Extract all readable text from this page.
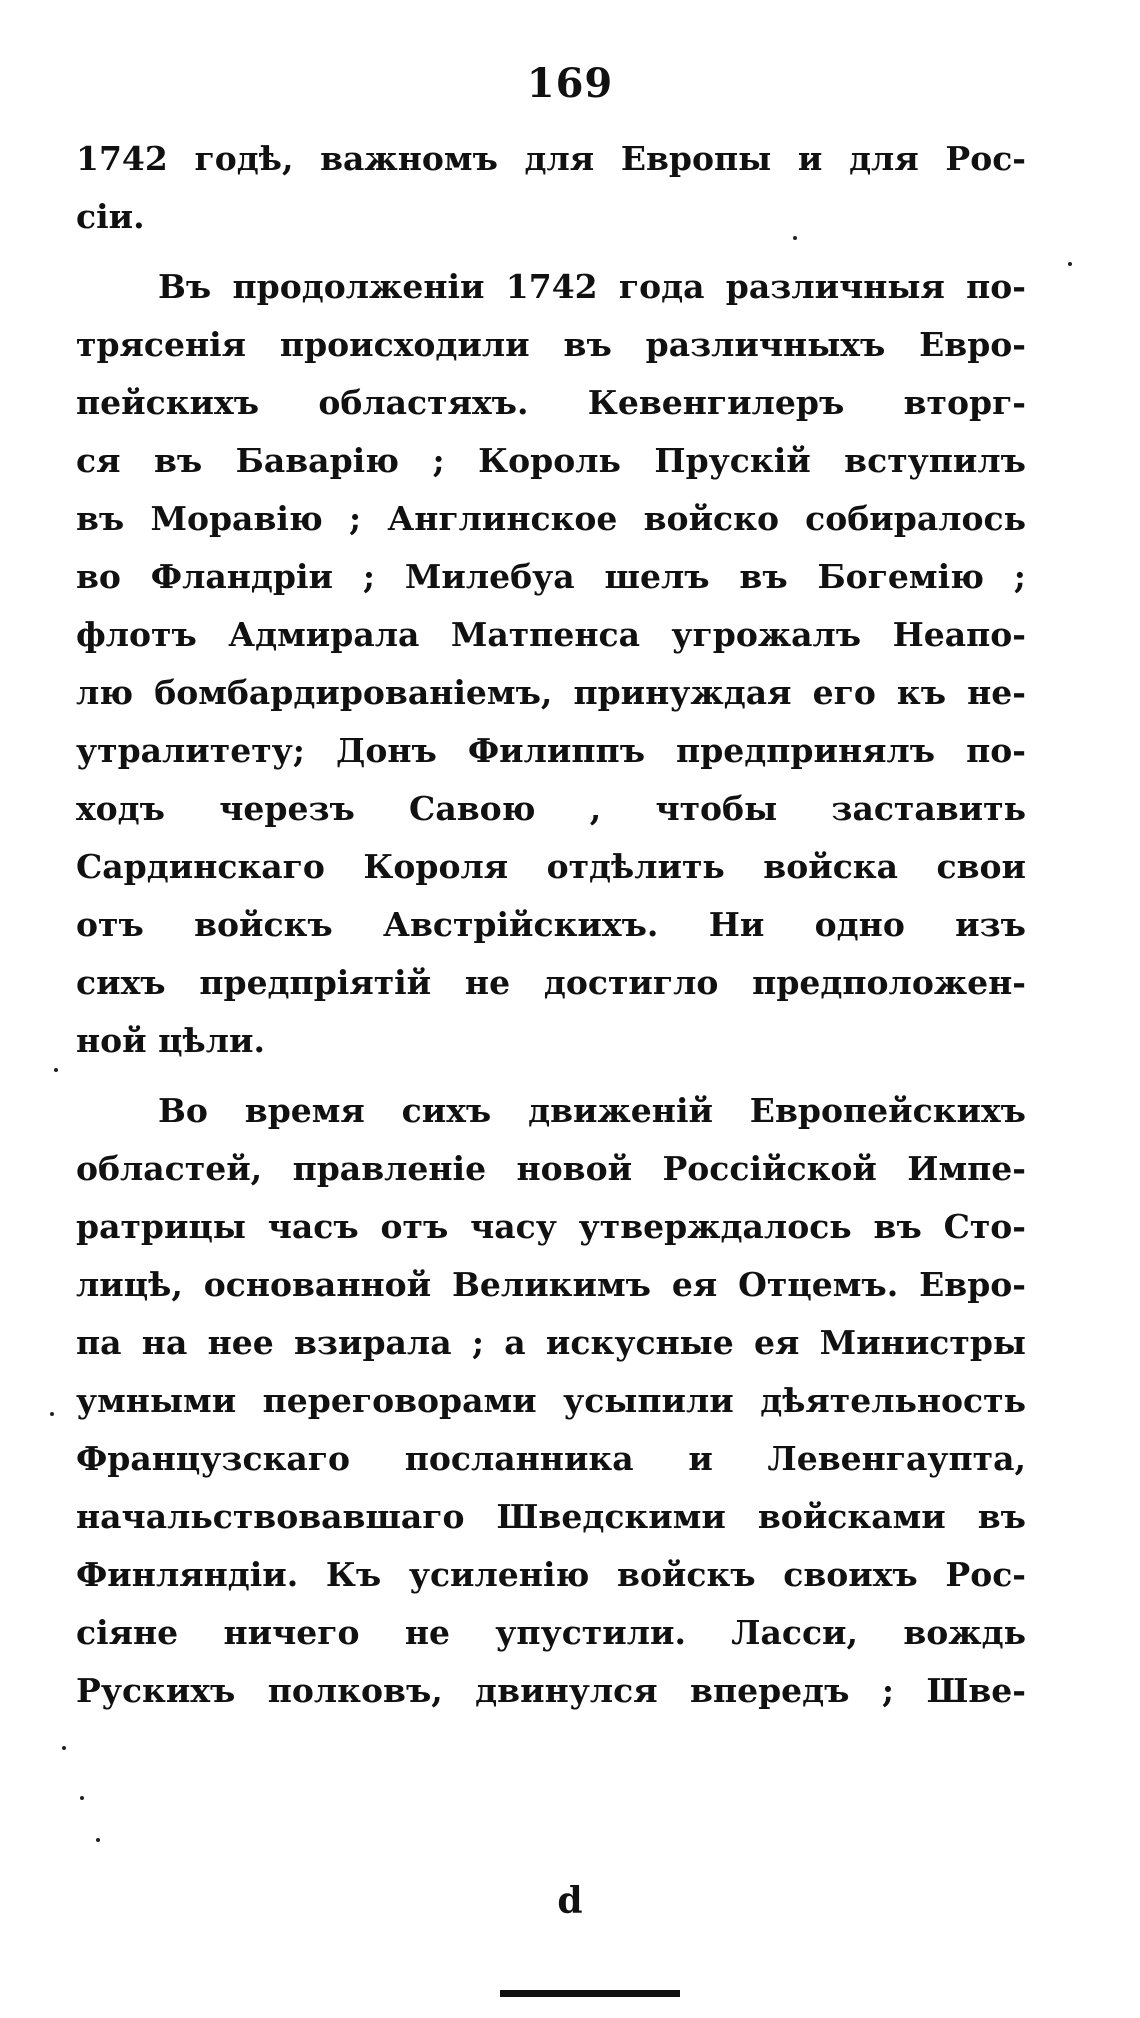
169
1742 годѣ, важномъ для Европы и для Рос-
сіи.
Въ продолженіи 1742 года различныя по-
трясенія происходили въ различныхъ Евро-
пейскихъ областяхъ. Кевенгилеръ вторг-
ся въ Баварію ; Король Пруcкій вступилъ
въ Моравію ; Англинское войско собиралось
во Фландріи ; Милебуа шелъ въ Богемію ;
флотъ Адмирала Матпенса угрожалъ Неапо-
лю бомбардированіемъ, принуждая его къ не-
утралитету; Донъ Филиппъ предпринялъ по-
ходъ черезъ Савою , чтобы заставить
Сардинскаго Короля отдѣлить войска свои
отъ войскъ Австрійскихъ. Ни одно изъ
сихъ предпріятій не достигло предположен-
ной цѣли.
Во время сихъ движеній Европейскихъ
областей, правленіе новой Россійской Импе-
ратрицы часъ отъ часу утверждалось въ Сто-
лицѣ, основанной Великимъ ея Отцемъ. Евро-
па на нее взирала ; а искусные ея Министры
умными переговорами усыпили дѣятельность
Французскаго посланника и Левенгаупта,
начальствовавшаго Шведскими войсками въ
Финляндіи. Къ усиленію войскъ своихъ Рос-
сіяне ничего не упустили. Ласси, вождь
Рускихъ полковъ, двинулся впередъ ; Шве-
d
